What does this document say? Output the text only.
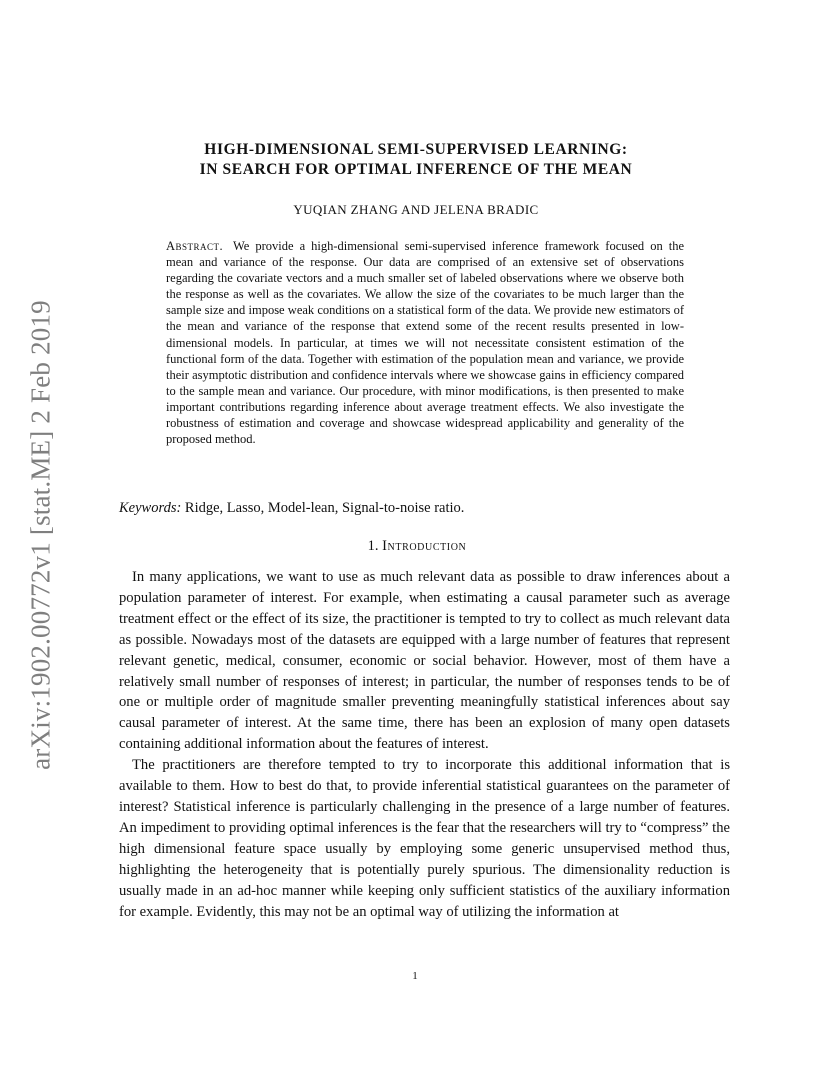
arXiv:1902.00772v1 [stat.ME] 2 Feb 2019
HIGH-DIMENSIONAL SEMI-SUPERVISED LEARNING:
IN SEARCH FOR OPTIMAL INFERENCE OF THE MEAN
YUQIAN ZHANG AND JELENA BRADIC
Abstract. We provide a high-dimensional semi-supervised inference framework focused on the mean and variance of the response. Our data are comprised of an extensive set of observations regarding the covariate vectors and a much smaller set of labeled observations where we observe both the response as well as the covariates. We allow the size of the covariates to be much larger than the sample size and impose weak conditions on a statistical form of the data. We provide new estimators of the mean and variance of the response that extend some of the recent results presented in low-dimensional models. In particular, at times we will not necessitate consistent estimation of the functional form of the data. Together with estimation of the population mean and variance, we provide their asymptotic distribution and confidence intervals where we showcase gains in efficiency compared to the sample mean and variance. Our procedure, with minor modifications, is then presented to make important contributions regarding inference about average treatment effects. We also investigate the robustness of estimation and coverage and showcase widespread applicability and generality of the proposed method.
Keywords: Ridge, Lasso, Model-lean, Signal-to-noise ratio.
1. Introduction

In many applications, we want to use as much relevant data as possible to draw inferences about a population parameter of interest. For example, when estimating a causal parameter such as average treatment effect or the effect of its size, the practitioner is tempted to try to collect as much relevant data as possible. Nowadays most of the datasets are equipped with a large number of features that represent relevant genetic, medical, consumer, economic or social behavior. However, most of them have a relatively small number of responses of interest; in particular, the number of responses tends to be of one or multiple order of magnitude smaller preventing meaningfully statistical inferences about say causal parameter of interest. At the same time, there has been an explosion of many open datasets containing additional information about the features of interest.

The practitioners are therefore tempted to try to incorporate this additional information that is available to them. How to best do that, to provide inferential statistical guarantees on the parameter of interest? Statistical inference is particularly challenging in the presence of a large number of features. An impediment to providing optimal inferences is the fear that the researchers will try to “compress” the high dimensional feature space usually by employing some generic unsupervised method thus, highlighting the heterogeneity that is potentially purely spurious. The dimensionality reduction is usually made in an ad-hoc manner while keeping only sufficient statistics of the auxiliary information for example. Evidently, this may not be an optimal way of utilizing the information at

1
